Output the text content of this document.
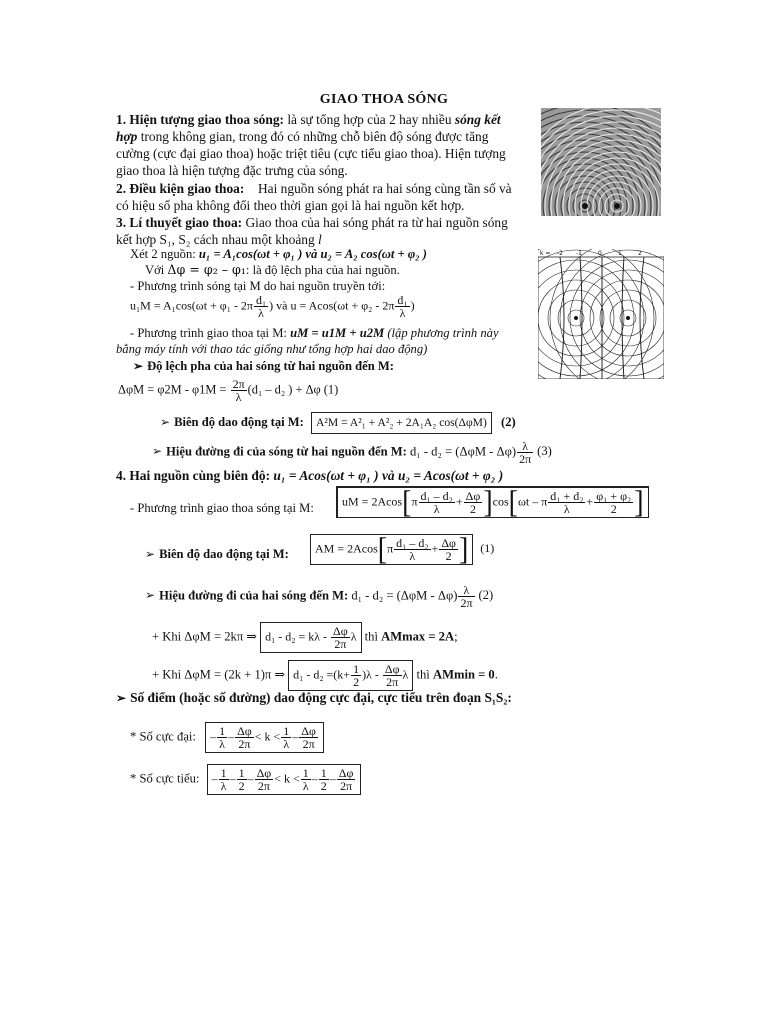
GIAO THOA SÓNG
1. Hiện tượng giao thoa sóng: là sự tổng hợp của 2 hay nhiều sóng kết
hợp trong không gian, trong đó có những chỗ biên độ sóng được tăng
cường (cực đại giao thoa) hoặc triệt tiêu (cực tiểu giao thoa). Hiện tượng
giao thoa là hiện tượng đặc trưng của sóng.
2. Điều kiện giao thoa:	Hai nguồn sóng phát ra hai sóng cùng tần số và
có hiệu số pha không đổi theo thời gian gọi là hai nguồn kết hợp.
3. Lí thuyết giao thoa: Giao thoa của hai sóng phát ra từ hai nguồn sóng
kết hợp S₁, S₂ cách nhau một khoảng l
Xét 2 nguồn: u₁ = A₁cos(ωt + φ₁ ) và u₂ = A₂ cos(ωt + φ₂ )
Với Δφ = φ₂ – φ₁: là độ lệch pha của hai nguồn.
- Phương trình sóng tại M do hai nguồn truyền tới:
$u_1M = A_1\cos(\omega t + \varphi_1 - 2\pi \frac{\text{d₁}}{\lambda}$ ) và $u = Acos(\omega t + \varphi_2 - 2\pi \frac{\text{d₁}}{\lambda}$ )
- Phương trình giao thoa tại M: uM = u1M + u2M (lập phương trình này
bằng máy tính với thao tác giống như tổng hợp hai dao động)
k = -2 -1	0	1	2
➢ Độ lệch pha của hai sóng từ hai nguồn đến M:
$\Delta\varphi M = \varphi 2M - \varphi 1M = \frac{2\pi}{\lambda} (d_1 - d_2$ ) + Δφ (1)
➢ Biên độ dao động tại M: A²M = A²₁ + A²₂ + 2A₁A₂ cos(ΔφM) (2)
➢ Hiệu đường đi của sóng từ hai nguồn đến M: $d_1 - d_2 = (\Delta\varphi M - \Delta\varphi) \frac{\lambda}{2\pi} (3)$
4. Hai nguồn cùng biên độ: u₁ = Acos(ωt + φ₁ ) và u₂ = Acos(ωt + φ₂ )
- Phương trình giao thoa sóng tại M:	uM = $2Acos[\pi \frac{\text{d₁ – d₂}}{\lambda} + \frac{\Delta\varphi}{2} ]\cos[\omega t - \pi \frac{\text{d₁ + d₂}}{\lambda} + \frac{\text{φ₁ + φ₂}}{2}$ ]
➢ Biên độ dao động tại M:	AM = $2Acos[\pi \frac{\text{d₁ – d₂}}{\lambda} + \frac{\Delta\varphi}{2}$ ] (1)
➢ Hiệu đường đi của hai sóng đến M: $d_1 - d_2 = (\Delta\varphi M - \Delta\varphi) \frac{\lambda}{2\pi} (2)$
+ Khi ΔφM = 2kπ ⇒ $d_1 - d_2 = k\lambda - \frac{\Delta\varphi}{2\pi}$ λ thì AMmax = 2A;
+ Khi ΔφM = (2k + 1)π ⇒ $d_1 - d_2 =(k+ \frac{1}{2} )\lambda - \frac{\Delta\varphi}{2\pi}$ λ thì AMmin = 0.
➢ Số điểm (hoặc số đường) dao động cực đại, cực tiểu trên đoạn S₁S₂:
* Số cực đại: – $\frac{1}{\lambda} - \frac{\Delta\varphi}{2\pi} < k < \frac{1}{\lambda} - \frac{\Delta\varphi}{2\pi}$
* Số cực tiểu: – $\frac{1}{\lambda} - \frac{1}{2} - \frac{\Delta\varphi}{2\pi} < k < \frac{1}{\lambda} - \frac{1}{2} - \frac{\Delta\varphi}{2\pi}$
